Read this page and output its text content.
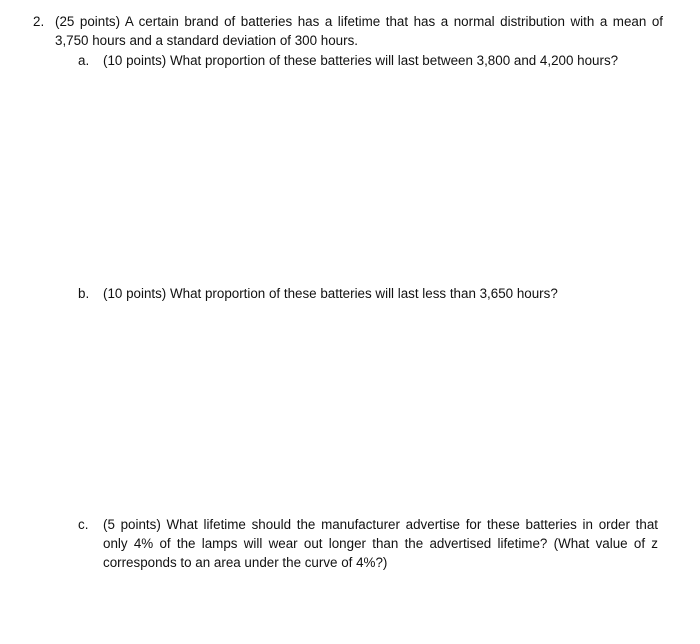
2. (25 points) A certain brand of batteries has a lifetime that has a normal distribution with a mean of 3,750 hours and a standard deviation of 300 hours.
a.	(10 points) What proportion of these batteries will last between 3,800 and 4,200 hours?
b.	(10 points) What proportion of these batteries will last less than 3,650 hours?
c.	(5 points) What lifetime should the manufacturer advertise for these batteries in order that only 4% of the lamps will wear out longer than the advertised lifetime? (What value of z corresponds to an area under the curve of 4%?)
